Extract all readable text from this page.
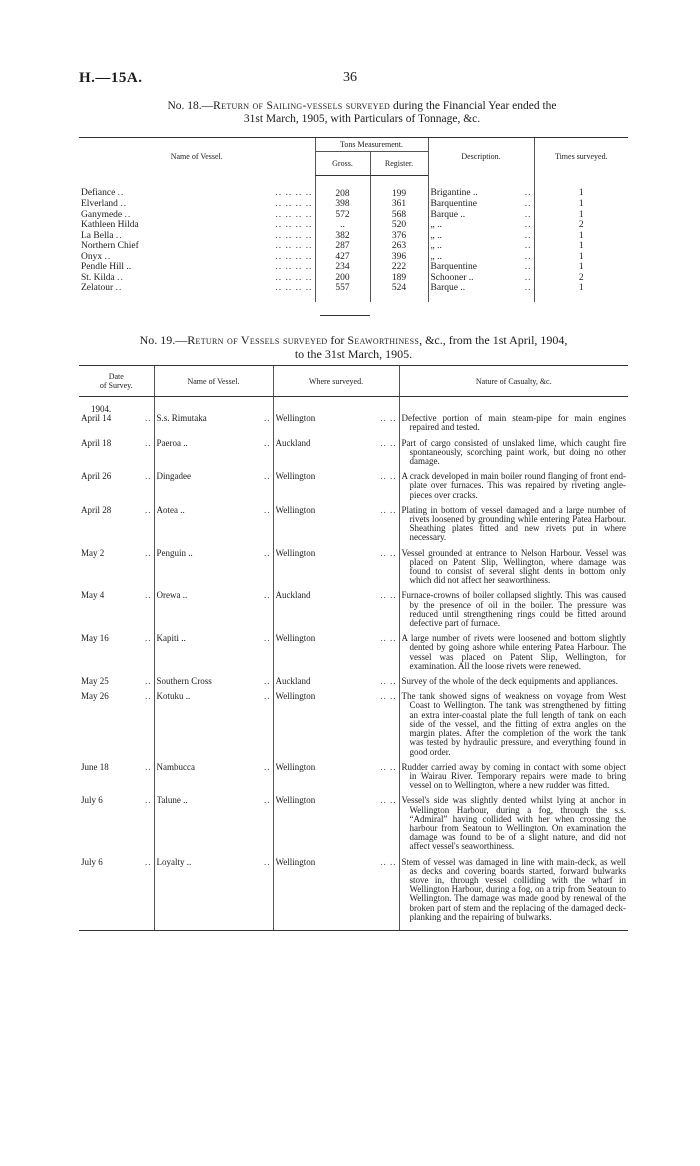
H.—15A.	36
No. 18.—Return of Sailing-vessels surveyed during the Financial Year ended the
31st March, 1905, with Particulars of Tonnage, &c.
Name of Vessel.	Tons Measurement.		Description.	Times surveyed.
	Gross.	Register.		

Defiance .. .. .. .. ..	208	199	Brigantine .. ..	1

Elverland .. .. .. .. ..	398	361	Barquentine ..	1

Ganymede .. .. .. .. ..	572	568	Barque .. ..	1

Kathleen Hilda .. .. .. ..	..	520	„ .. ..	2

La Bella .. .. .. .. ..	382	376	„ .. ..	1

Northern Chief .. .. .. ..	287	263	„ .. ..	1

Onyx .. .. .. .. ..	427	396	„ .. ..	1

Pendle Hill .. .. .. .. ..	234	222	Barquentine ..	1

St. Kilda .. .. .. .. ..	200	189	Schooner .. ..	2

Zelatour .. .. .. .. ..	557	524	Barque .. ..	1
No. 19.—Return of Vessels surveyed for Seaworthiness, &c., from the 1st April, 1904,
to the 31st March, 1905.
Date
of Survey.	Name of Vessel.	Where surveyed.	Nature of Casualty, &c.
1904.			

April 14 ..	S.s. Rimutaka ..	Wellington .. ..	Defective portion of main steam-pipe for main engines repaired and tested.

April 18 ..	Paeroa .. ..	Auckland .. ..	Part of cargo consisted of unslaked lime, which caught fire spontaneously, scorching paint work, but doing no other damage.

April 26 ..	Dingadee ..	Wellington .. ..	A crack developed in main boiler round flanging of front end-plate over furnaces. This was repaired by riveting angle-pieces over cracks.

April 28 ..	Aotea .. ..	Wellington .. ..	Plating in bottom of vessel damaged and a large number of rivets loosened by grounding while entering Patea Harbour. Sheathing plates fitted and new rivets put in where necessary.

May 2 ..	Penguin .. ..	Wellington .. ..	Vessel grounded at entrance to Nelson Harbour. Vessel was placed on Patent Slip, Wellington, where damage was found to consist of several slight dents in bottom only which did not affect her seaworthiness.

May 4 ..	Orewa .. ..	Auckland .. ..	Furnace-crowns of boiler collapsed slightly. This was caused by the presence of oil in the boiler. The pressure was reduced until strengthening rings could be fitted around defective part of furnace.

May 16 ..	Kapiti .. ..	Wellington .. ..	A large number of rivets were loosened and bottom slightly dented by going ashore while entering Patea Harbour. The vessel was placed on Patent Slip, Wellington, for examination. All the loose rivets were renewed.

May 25 ..	Southern Cross ..	Auckland .. ..	Survey of the whole of the deck equipments and appliances.

May 26 ..	Kotuku .. ..	Wellington .. ..	The tank showed signs of weakness on voyage from West Coast to Wellington. The tank was strengthened by fitting an extra inter-coastal plate the full length of tank on each side of the vessel, and the fitting of extra angles on the margin plates. After the completion of the work the tank was tested by hydraulic pressure, and everything found in good order.

June 18 ..	Nambucca ..	Wellington .. ..	Rudder carried away by coming in contact with some object in Wairau River. Temporary repairs were made to bring vessel on to Wellington, where a new rudder was fitted.

July 6 ..	Talune .. ..	Wellington .. ..	Vessel's side was slightly dented whilst lying at anchor in Wellington Harbour, during a fog, through the s.s. “Admiral” having collided with her when crossing the harbour from Seatoun to Wellington. On examination the damage was found to be of a slight nature, and did not affect vessel's seaworthiness.

July 6 ..	Loyalty .. ..	Wellington .. ..	Stem of vessel was damaged in line with main-deck, as well as decks and covering boards started, forward bulwarks stove in, through vessel colliding with the wharf in Wellington Harbour, during a fog, on a trip from Seatoun to Wellington. The damage was made good by renewal of the broken part of stem and the replacing of the damaged deck-planking and the repairing of bulwarks.
